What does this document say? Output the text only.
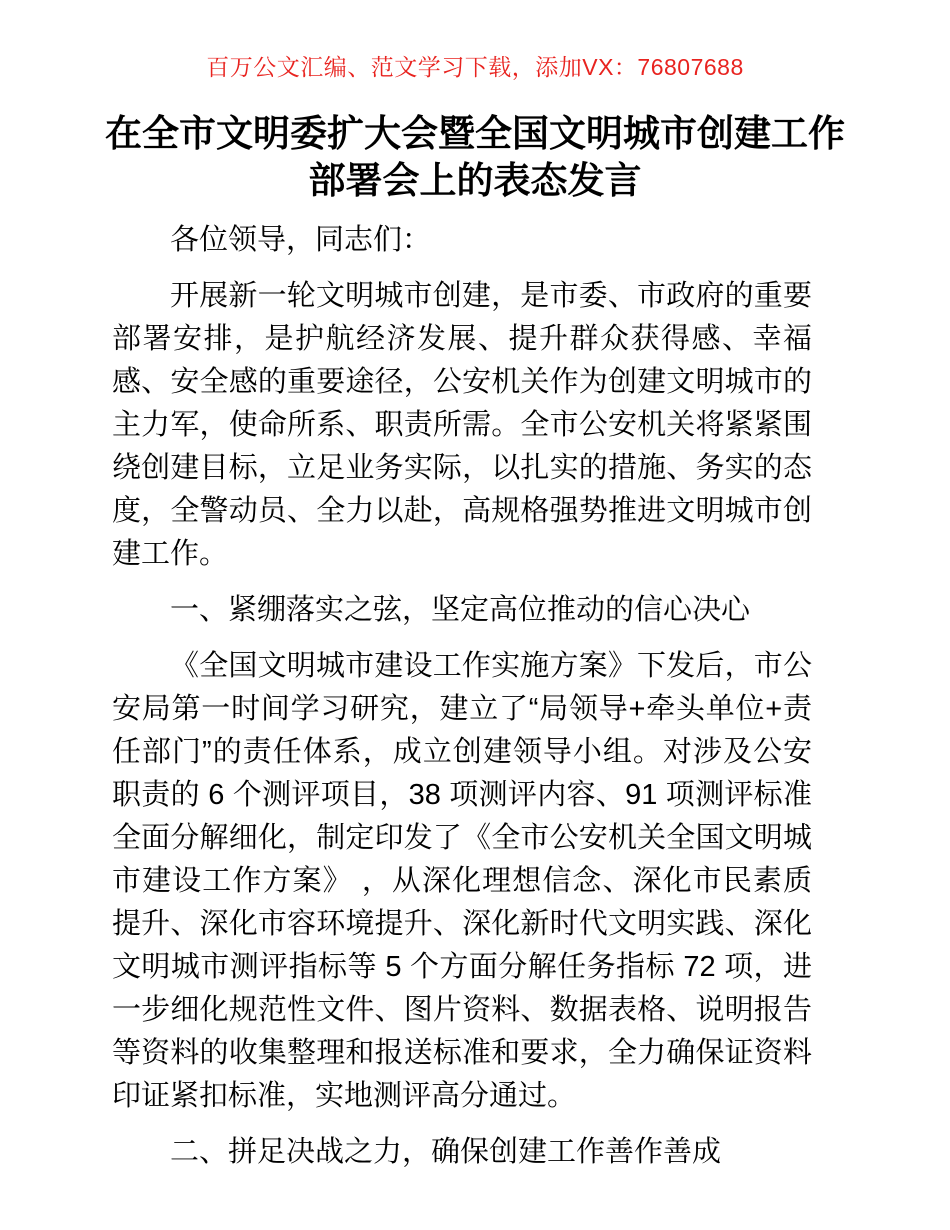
百万公文汇编、范文学习下载，添加VX：76807688
在全市文明委扩大会暨全国文明城市创建工作
部署会上的表态发言

各位领导，同志们：

开展新一轮文明城市创建，是市委、市政府的重要部署安排，是护航经济发展、提升群众获得感、幸福感、安全感的重要途径，公安机关作为创建文明城市的主力军，使命所系、职责所需。全市公安机关将紧紧围绕创建目标，立足业务实际，以扎实的措施、务实的态度，全警动员、全力以赴，高规格强势推进文明城市创建工作。

一、紧绷落实之弦，坚定高位推动的信心决心

《全国文明城市建设工作实施方案》下发后，市公安局第一时间学习研究，建立了“局领导+牵头单位+责任部门”的责任体系，成立创建领导小组。对涉及公安职责的 6 个测评项目，38 项测评内容、91 项测评标准全面分解细化，制定印发了《全市公安机关全国文明城市建设工作方案》 ，从深化理想信念、深化市民素质提升、深化市容环境提升、深化新时代文明实践、深化文明城市测评指标等 5 个方面分解任务指标 72 项，进一步细化规范性文件、图片资料、数据表格、说明报告等资料的收集整理和报送标准和要求，全力确保证资料印证紧扣标准，实地测评高分通过。

二、拼足决战之力，确保创建工作善作善成
